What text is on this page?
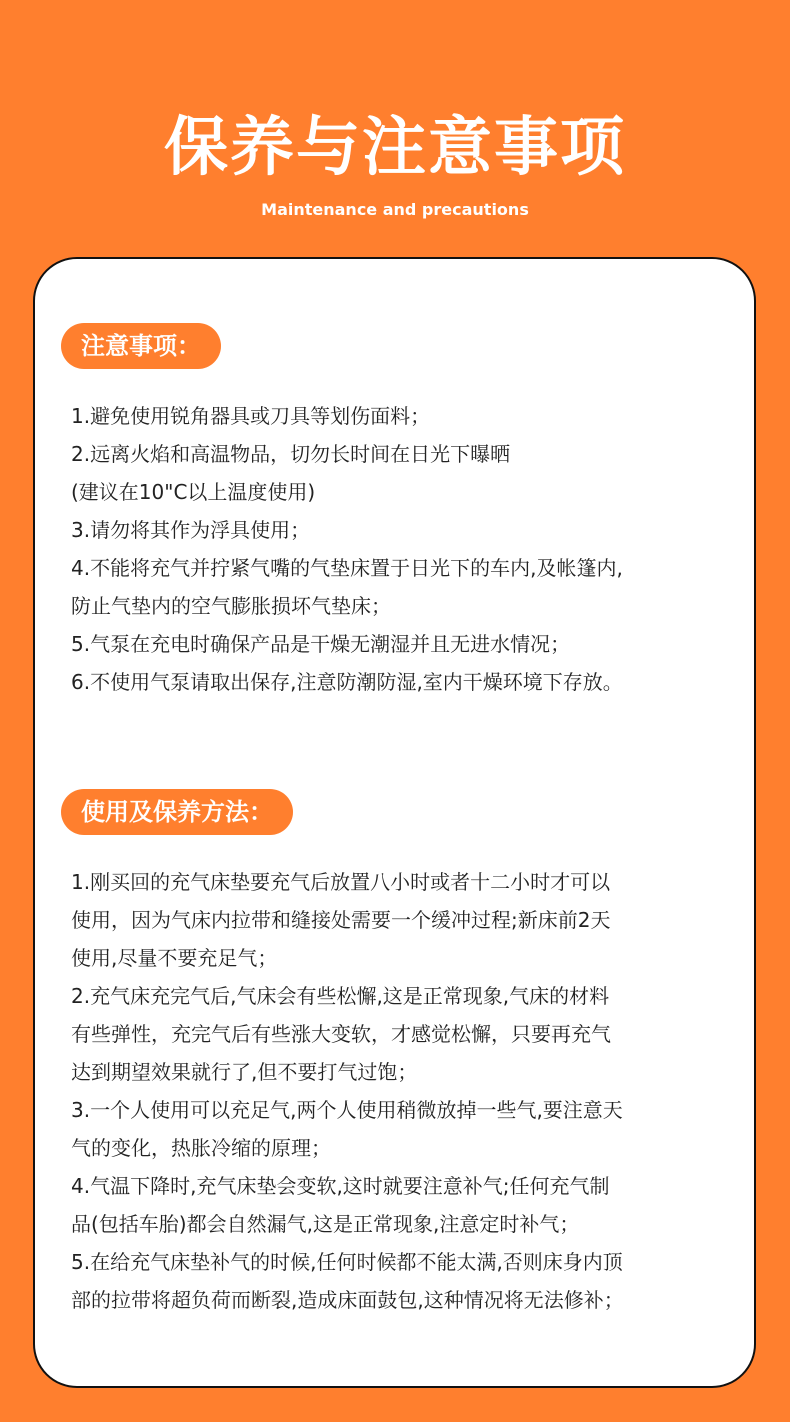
保养与注意事项
Maintenance and precautions
注意事项：
1.避免使用锐角器具或刀具等划伤面料；
2.远离火焰和高温物品，切勿长时间在日光下曝晒
(建议在10"C以上温度使用)
3.请勿将其作为浮具使用；
4.不能将充气并拧紧气嘴的气垫床置于日光下的车内,及帐篷内,
防止气垫内的空气膨胀损坏气垫床；
5.气泵在充电时确保产品是干燥无潮湿并且无进水情况；
6.不使用气泵请取出保存,注意防潮防湿,室内干燥环境下存放。
使用及保养方法：
1.刚买回的充气床垫要充气后放置八小时或者十二小时才可以
使用，因为气床内拉带和缝接处需要一个缓冲过程;新床前2天
使用,尽量不要充足气；
2.充气床充完气后,气床会有些松懈,这是正常现象,气床的材料
有些弹性，充完气后有些涨大变软，才感觉松懈，只要再充气
达到期望效果就行了,但不要打气过饱；
3.一个人使用可以充足气,两个人使用稍微放掉一些气,要注意天
气的变化，热胀冷缩的原理；
4.气温下降时,充气床垫会变软,这时就要注意补气;任何充气制
品(包括车胎)都会自然漏气,这是正常现象,注意定时补气；
5.在给充气床垫补气的时候,任何时候都不能太满,否则床身内顶
部的拉带将超负荷而断裂,造成床面鼓包,这种情况将无法修补；
